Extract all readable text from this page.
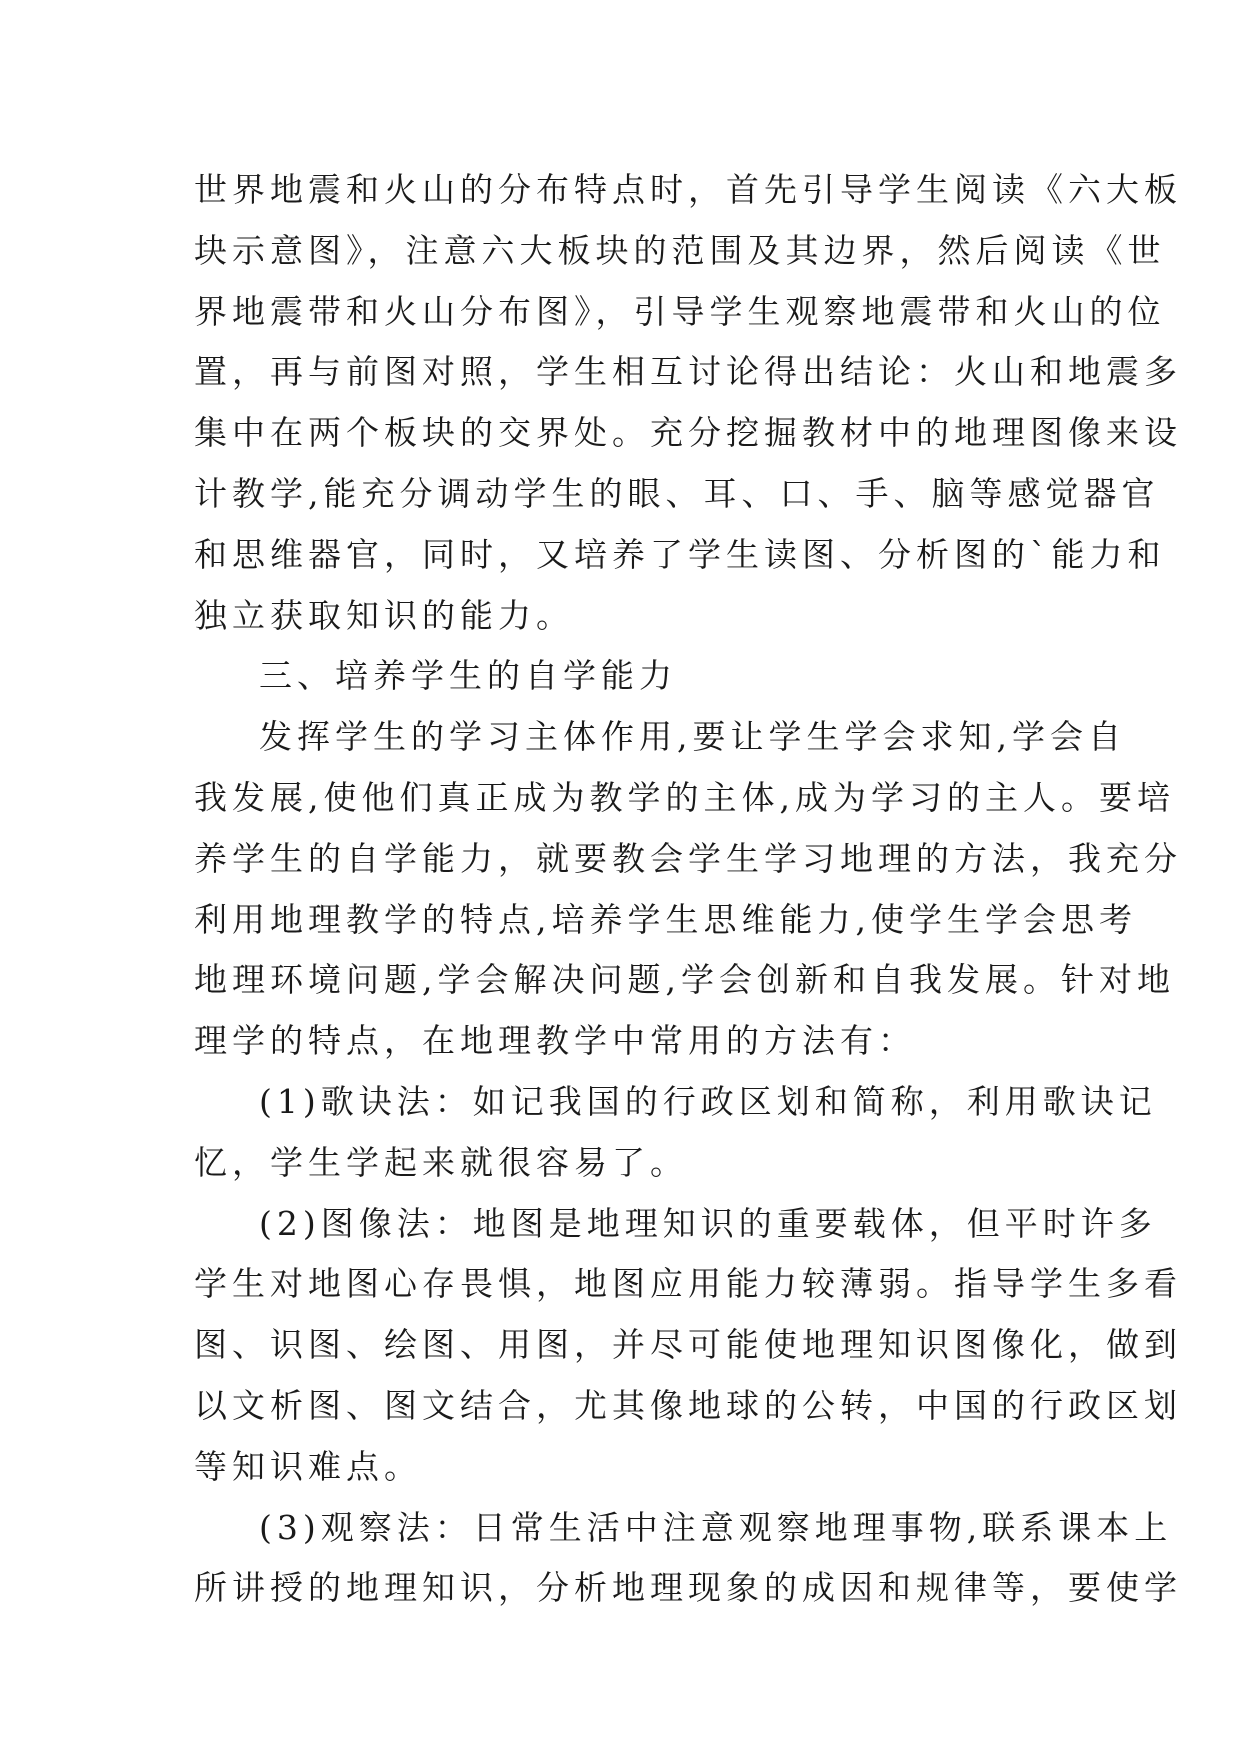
世界地震和火山的分布特点时，首先引导学生阅读《六大板
块示意图》，注意六大板块的范围及其边界，然后阅读《世
界地震带和火山分布图》，引导学生观察地震带和火山的位
置，再与前图对照，学生相互讨论得出结论：火山和地震多
集中在两个板块的交界处。充分挖掘教材中的地理图像来设
计教学,能充分调动学生的眼、耳、口、手、脑等感觉器官
和思维器官，同时，又培养了学生读图、分析图的`能力和
独立获取知识的能力。
三、培养学生的自学能力
发挥学生的学习主体作用,要让学生学会求知,学会自
我发展,使他们真正成为教学的主体,成为学习的主人。要培
养学生的自学能力，就要教会学生学习地理的方法，我充分
利用地理教学的特点,培养学生思维能力,使学生学会思考
地理环境问题,学会解决问题,学会创新和自我发展。针对地
理学的特点，在地理教学中常用的方法有：
(1)歌诀法：如记我国的行政区划和简称，利用歌诀记
忆，学生学起来就很容易了。
(2)图像法：地图是地理知识的重要载体，但平时许多
学生对地图心存畏惧，地图应用能力较薄弱。指导学生多看
图、识图、绘图、用图，并尽可能使地理知识图像化，做到
以文析图、图文结合，尤其像地球的公转，中国的行政区划
等知识难点。
(3)观察法：日常生活中注意观察地理事物,联系课本上
所讲授的地理知识，分析地理现象的成因和规律等，要使学
